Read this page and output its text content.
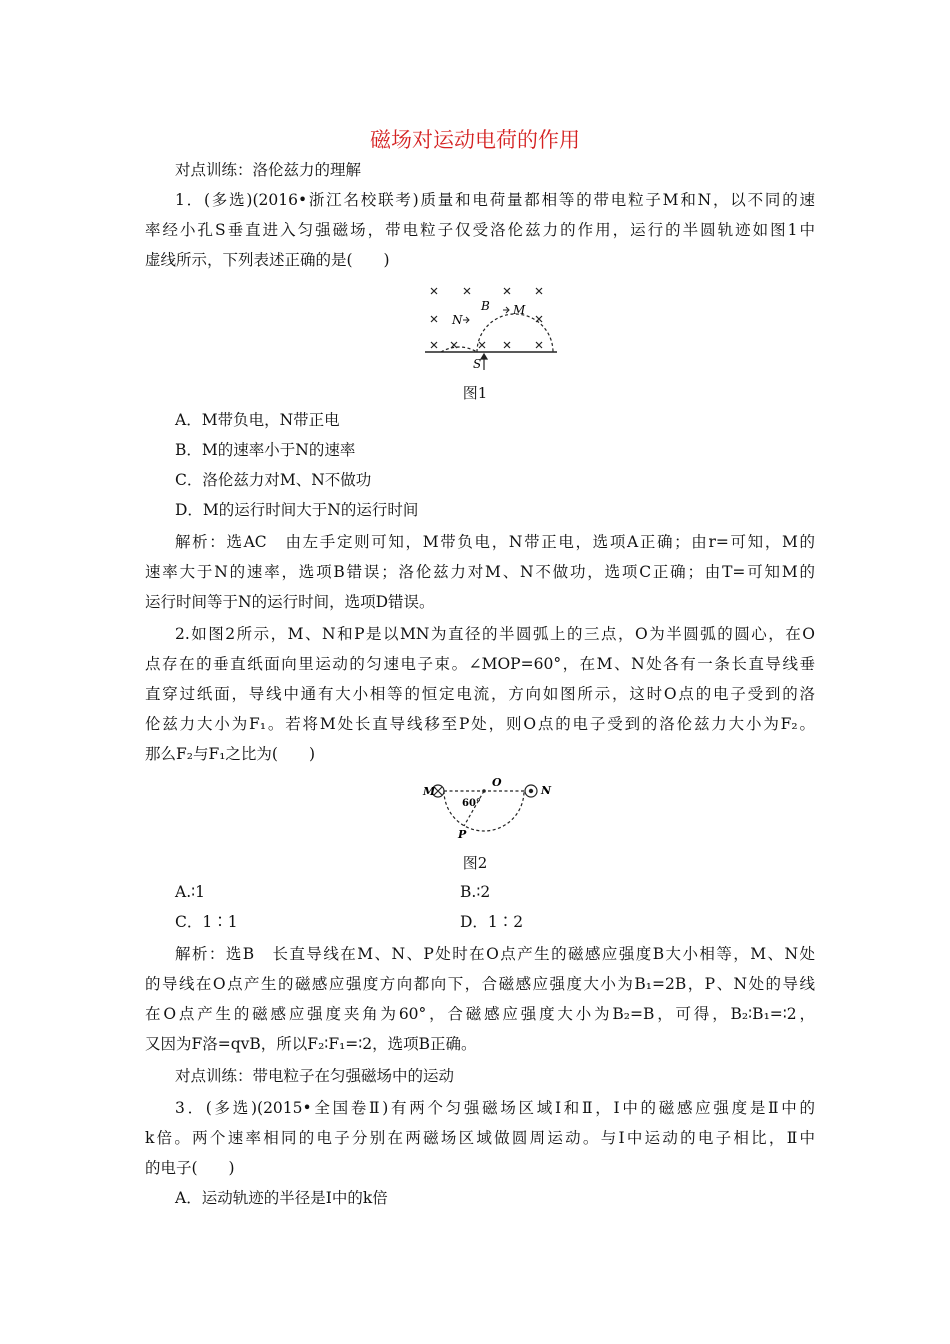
磁场对运动电荷的作用
对点训练：洛伦兹力的理解
1．(多选)(2016•浙江名校联考)质量和电荷量都相等的带电粒子M和N，以不同的速
率经小孔S垂直进入匀强磁场，带电粒子仅受洛伦兹力的作用，运行的半圆轨迹如图1中
虚线所示，下列表述正确的是(　　)
B
N
M
S
图1
A．M带负电，N带正电
B．M的速率小于N的速率
C．洛伦兹力对M、N不做功
D．M的运行时间大于N的运行时间
解析：选AC　由左手定则可知，M带负电，N带正电，选项A正确；由r=可知，M的
速率大于N的速率，选项B错误；洛伦兹力对M、N不做功，选项C正确；由T=可知M的
运行时间等于N的运行时间，选项D错误。
2.如图2所示，M、N和P是以MN为直径的半圆弧上的三点，O为半圆弧的圆心，在O
点存在的垂直纸面向里运动的匀速电子束。∠MOP=60°，在M、N处各有一条长直导线垂
直穿过纸面，导线中通有大小相等的恒定电流，方向如图所示，这时O点的电子受到的洛
伦兹力大小为F₁。若将M处长直导线移至P处，则O点的电子受到的洛伦兹力大小为F₂。
那么F₂与F₁之比为(　　)
M
O
N
P
60°
图2
A.∶1	B.∶2
C．1∶1	D．1∶2
解析：选B　长直导线在M、N、P处时在O点产生的磁感应强度B大小相等，M、N处
的导线在O点产生的磁感应强度方向都向下，合磁感应强度大小为B₁=2B，P、N处的导线
在O点产生的磁感应强度夹角为60°，合磁感应强度大小为B₂=B，可得，B₂∶B₁=∶2，
又因为F洛=qvB，所以F₂∶F₁=∶2，选项B正确。
对点训练：带电粒子在匀强磁场中的运动
3．(多选)(2015•全国卷Ⅱ)有两个匀强磁场区域Ⅰ和Ⅱ，Ⅰ中的磁感应强度是Ⅱ中的
k倍。两个速率相同的电子分别在两磁场区域做圆周运动。与Ⅰ中运动的电子相比，Ⅱ中
的电子(　　)
A．运动轨迹的半径是Ⅰ中的k倍
